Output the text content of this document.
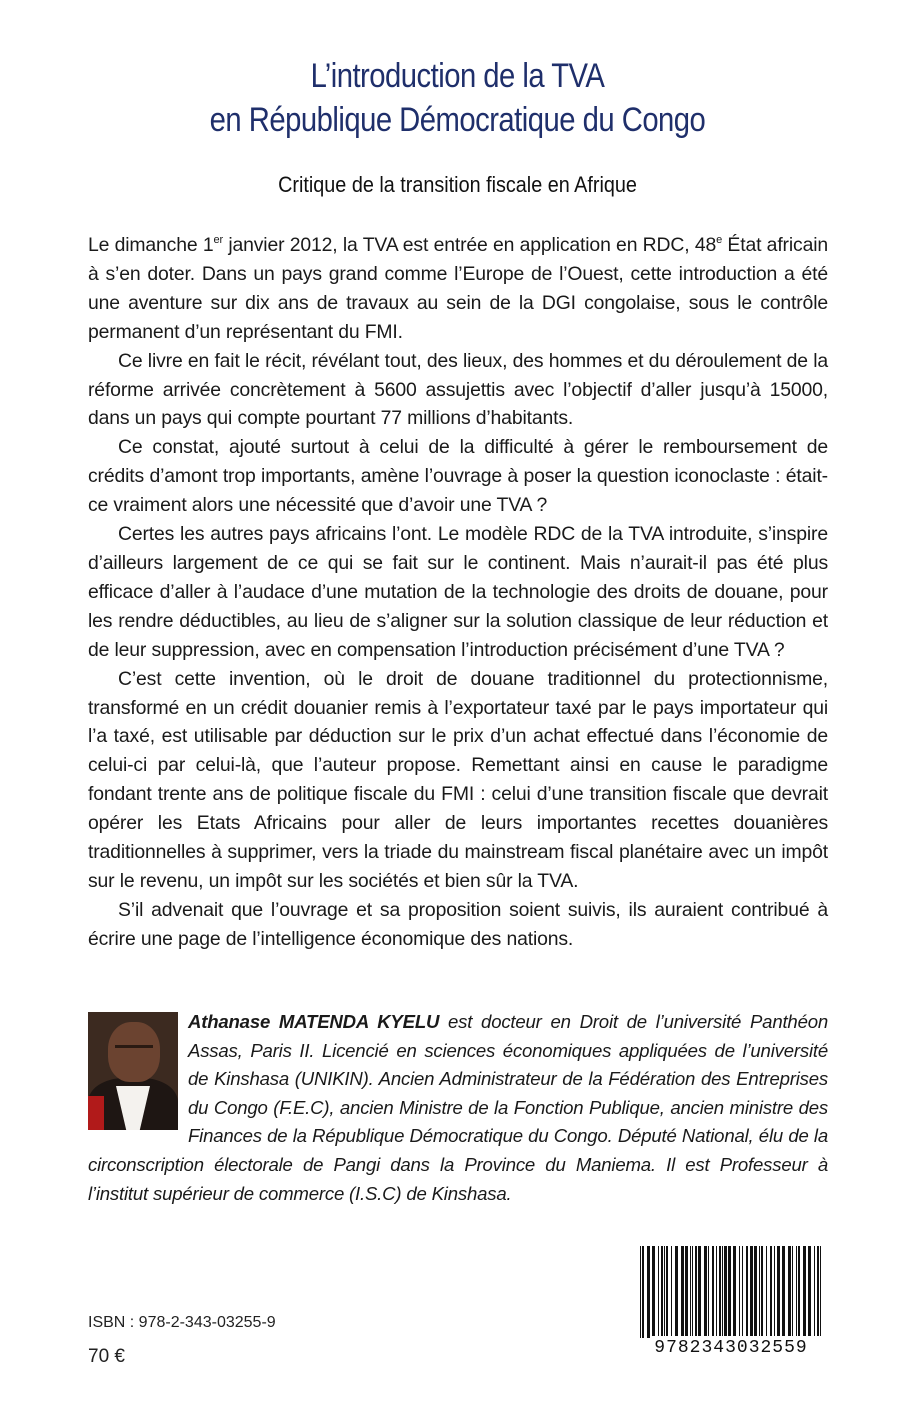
L’introduction de la TVA
en République Démocratique du Congo
Critique de la transition fiscale en Afrique

Le dimanche 1er janvier 2012, la TVA est entrée en application en RDC, 48e État africain à s’en doter. Dans un pays grand comme l’Europe de l’Ouest, cette introduction a été une aventure sur dix ans de travaux au sein de la DGI congolaise, sous le contrôle permanent d’un représentant du FMI.

Ce livre en fait le récit, révélant tout, des lieux, des hommes et du déroulement de la réforme arrivée concrètement à 5600 assujettis avec l’objectif d’aller jusqu’à 15000, dans un pays qui compte pourtant 77 millions d’habitants.

Ce constat, ajouté surtout à celui de la difficulté à gérer le remboursement de crédits d’amont trop importants, amène l’ouvrage à poser la question iconoclaste : était-ce vraiment alors une nécessité que d’avoir une TVA ?

Certes les autres pays africains l’ont. Le modèle RDC de la TVA introduite, s’inspire d’ailleurs largement de ce qui se fait sur le continent. Mais n’aurait-il pas été plus efficace d’aller à l’audace d’une mutation de la technologie des droits de douane, pour les rendre déductibles, au lieu de s’aligner sur la solution classique de leur réduction et de leur suppression, avec en compensation l’introduction précisément d’une TVA ?

C’est cette invention, où le droit de douane traditionnel du protectionnisme, transformé en un crédit douanier remis à l’exportateur taxé par le pays importateur qui l’a taxé, est utilisable par déduction sur le prix d’un achat effectué dans l’économie de celui-ci par celui-là, que l’auteur propose. Remettant ainsi en cause le paradigme fondant trente ans de politique fiscale du FMI : celui d’une transition fiscale que devrait opérer les Etats Africains pour aller de leurs importantes recettes douanières traditionnelles à supprimer, vers la triade du mainstream fiscal planétaire avec un impôt sur le revenu, un impôt sur les sociétés et bien sûr la TVA.

S’il advenait que l’ouvrage et sa proposition soient suivis, ils auraient contribué à écrire une page de l’intelligence économique des nations.

Athanase MATENDA KYELU est docteur en Droit de l’université Panthéon Assas, Paris II. Licencié en sciences économiques appliquées de l’université de Kinshasa (UNIKIN). Ancien Administrateur de la Fédération des Entreprises du Congo (F.E.C), ancien Ministre de la Fonction Publique, ancien ministre des Finances de la République Démocratique du Congo. Député National, élu de la circonscription électorale de Pangi dans la Province du Maniema. Il est Professeur à l’institut supérieur de commerce (I.S.C) de Kinshasa.
ISBN : 978-2-343-03255-9
70 €	9782343032559
